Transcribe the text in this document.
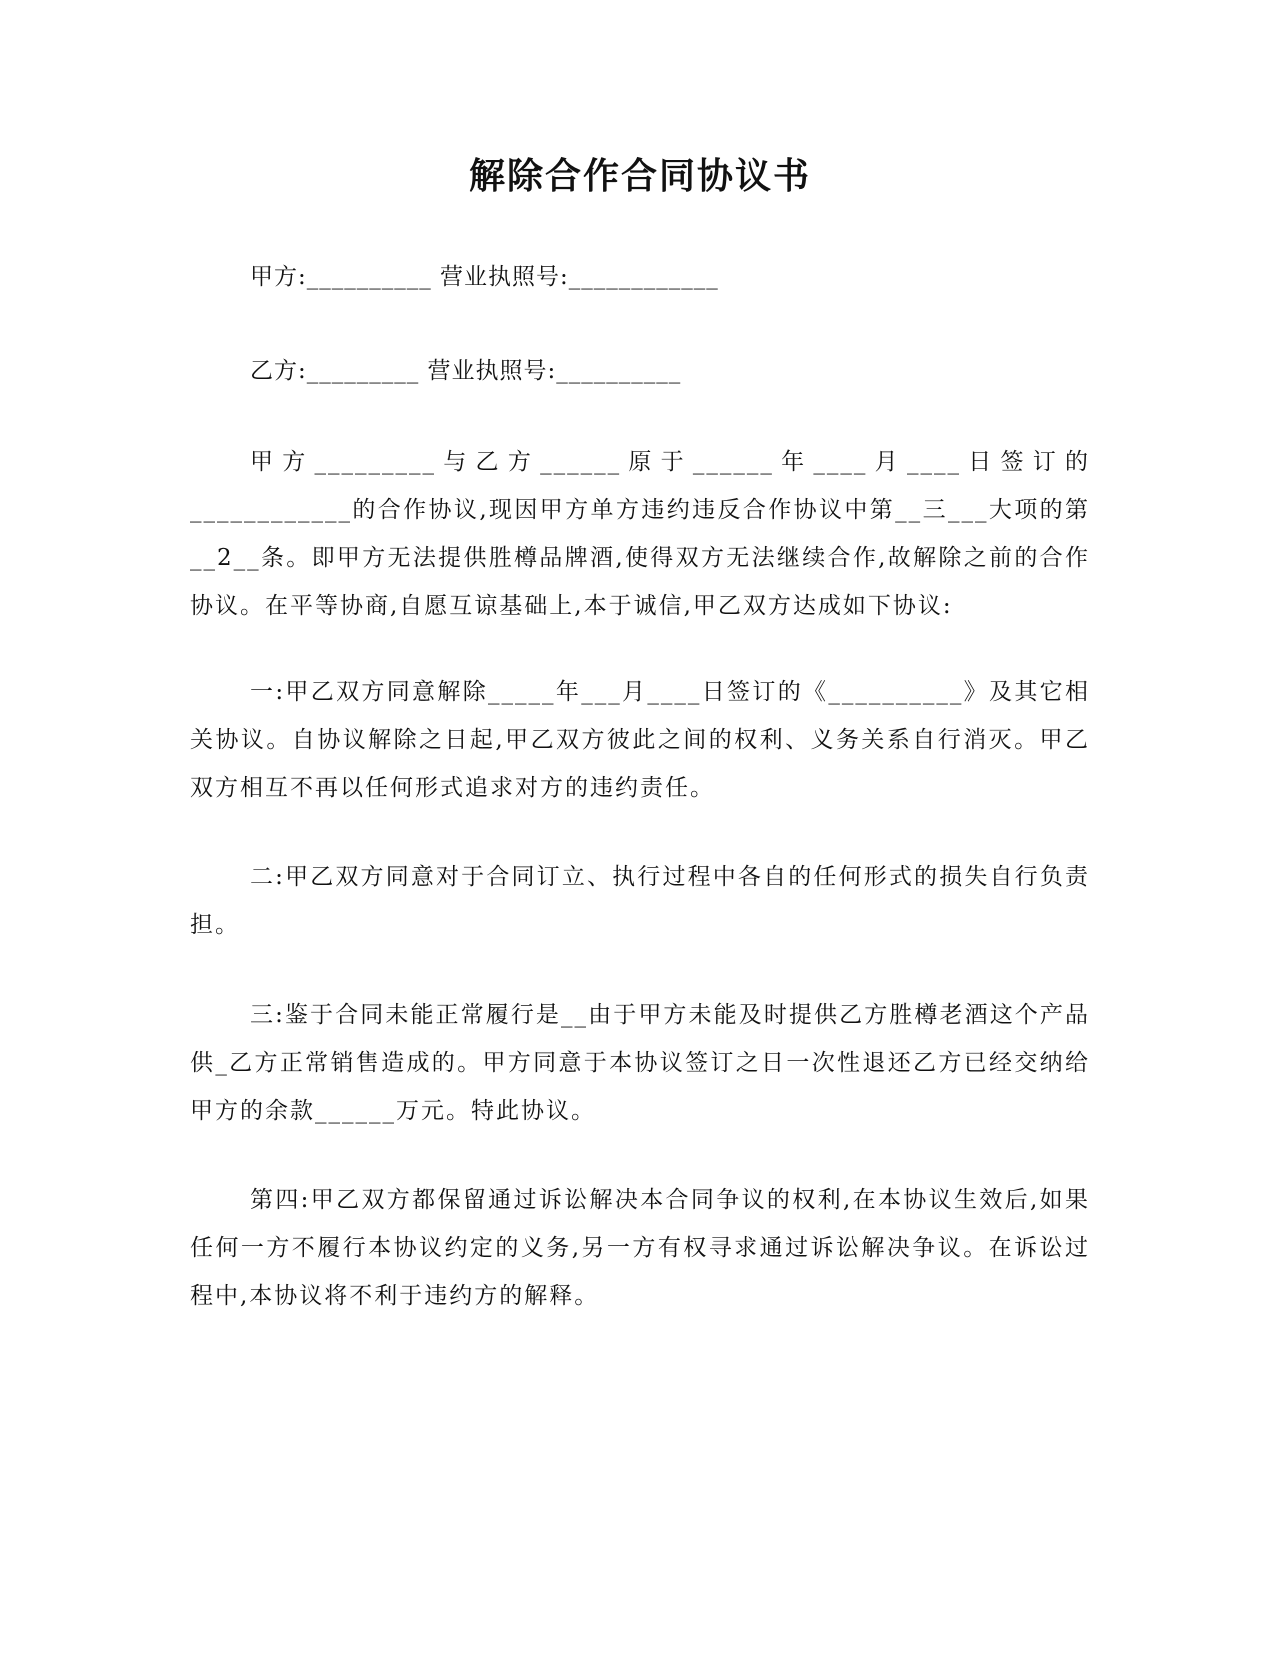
解除合作合同协议书

甲方:__________ 营业执照号:____________

乙方:_________ 营业执照号:__________

甲方_________与乙方______原于______年____月____日签订的____________的合作协议,现因甲方单方违约违反合作协议中第__三___大项的第__2__条。即甲方无法提供胜樽品牌酒,使得双方无法继续合作,故解除之前的合作协议。在平等协商,自愿互谅基础上,本于诚信,甲乙双方达成如下协议:

一:甲乙双方同意解除_____年___月____日签订的《__________》及其它相关协议。自协议解除之日起,甲乙双方彼此之间的权利、义务关系自行消灭。甲乙双方相互不再以任何形式追求对方的违约责任。

二:甲乙双方同意对于合同订立、执行过程中各自的任何形式的损失自行负责担。

三:鉴于合同未能正常履行是__由于甲方未能及时提供乙方胜樽老酒这个产品供_乙方正常销售造成的。甲方同意于本协议签订之日一次性退还乙方已经交纳给甲方的余款______万元。特此协议。

第四:甲乙双方都保留通过诉讼解决本合同争议的权利,在本协议生效后,如果任何一方不履行本协议约定的义务,另一方有权寻求通过诉讼解决争议。在诉讼过程中,本协议将不利于违约方的解释。
